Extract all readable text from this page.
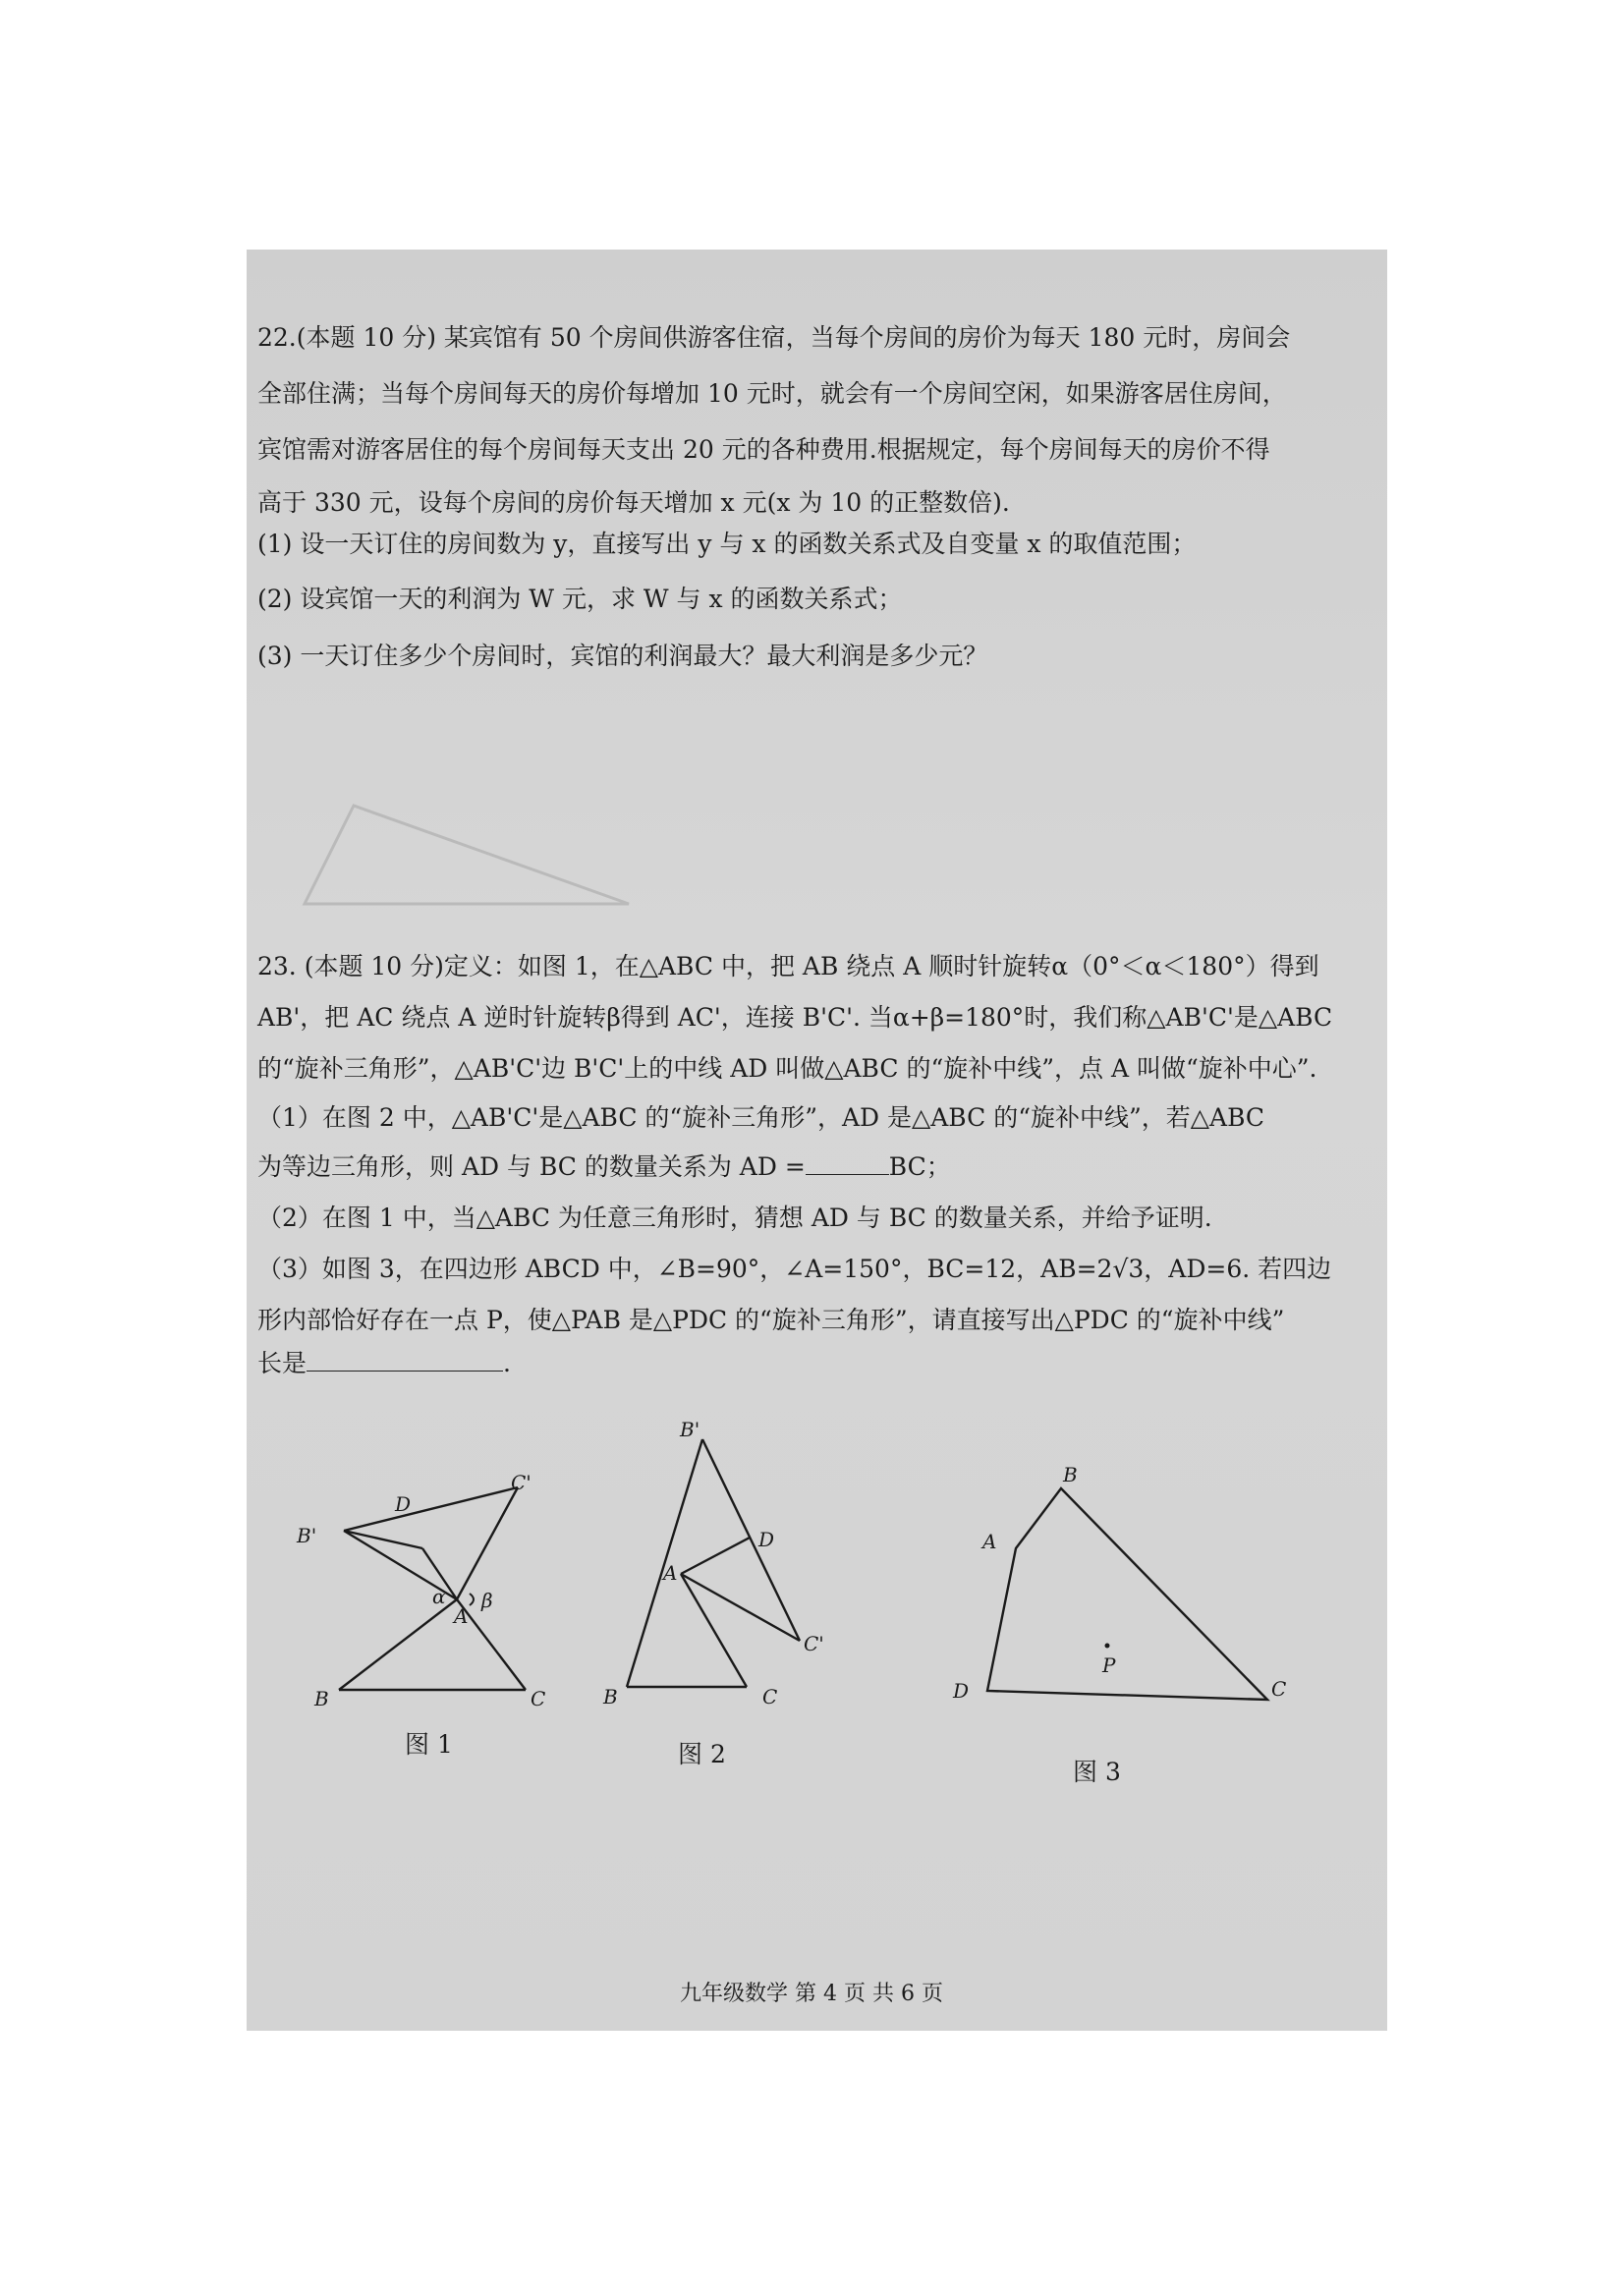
22.(本题 10 分) 某宾馆有 50 个房间供游客住宿，当每个房间的房价为每天 180 元时，房间会
全部住满；当每个房间每天的房价每增加 10 元时，就会有一个房间空闲，如果游客居住房间，
宾馆需对游客居住的每个房间每天支出 20 元的各种费用.根据规定，每个房间每天的房价不得
高于 330 元，设每个房间的房价每天增加 x 元(x 为 10 的正整数倍).
(1) 设一天订住的房间数为 y，直接写出 y 与 x 的函数关系式及自变量 x 的取值范围；
(2) 设宾馆一天的利润为 W 元，求 W 与 x 的函数关系式；
(3) 一天订住多少个房间时，宾馆的利润最大？最大利润是多少元？
23. (本题 10 分)定义：如图 1，在△ABC 中，把 AB 绕点 A 顺时针旋转α（0°＜α＜180°）得到
AB'，把 AC 绕点 A 逆时针旋转β得到 AC'，连接 B'C'. 当α+β=180°时，我们称△AB'C'是△ABC
的“旋补三角形”，△AB'C'边 B'C'上的中线 AD 叫做△ABC 的“旋补中线”，点 A 叫做“旋补中心”.
（1）在图 2 中，△AB'C'是△ABC 的“旋补三角形”，AD 是△ABC 的“旋补中线”，若△ABC
为等边三角形，则 AD 与 BC 的数量关系为 AD =	BC；
（2）在图 1 中，当△ABC 为任意三角形时，猜想 AD 与 BC 的数量关系，并给予证明.
（3）如图 3，在四边形 ABCD 中，∠B=90°，∠A=150°，BC=12，AB=2√3，AD=6. 若四边
形内部恰好存在一点 P，使△PAB 是△PDC 的“旋补三角形”，请直接写出△PDC 的“旋补中线”
长是	.
D
C'
B'
α β
A
B	C
图 1
B'
D
A
C'
B	C
图 2
B
A
P
D	C
图 3
九年级数学 第 4 页 共 6 页
